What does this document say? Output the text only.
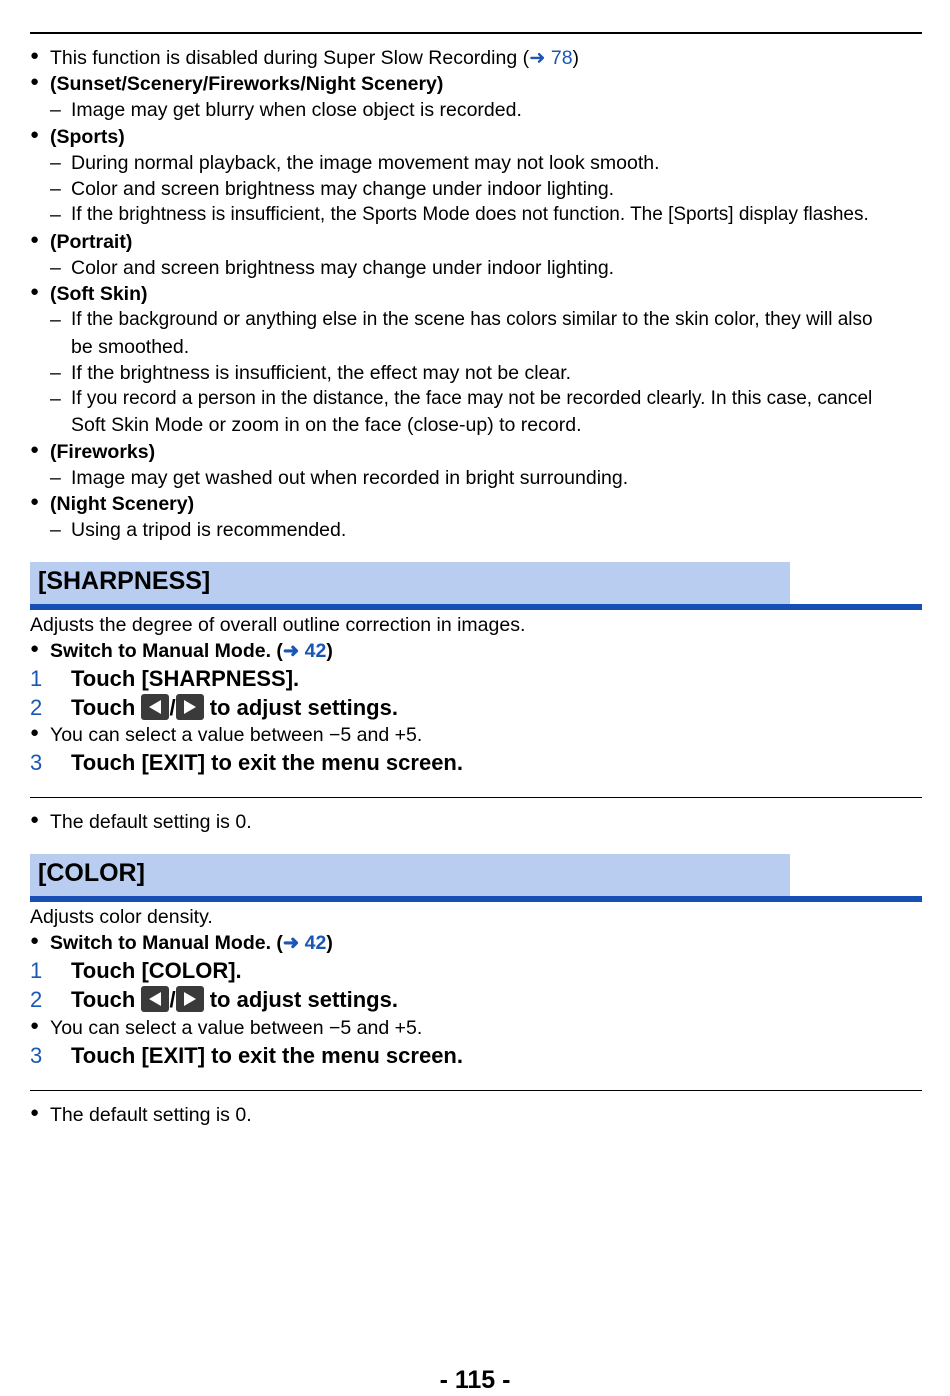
● This function is disabled during Super Slow Recording (➜ 78)
● (Sunset/Scenery/Fireworks/Night Scenery)
– Image may get blurry when close object is recorded.
● (Sports)
– During normal playback, the image movement may not look smooth.
– Color and screen brightness may change under indoor lighting.
– If the brightness is insufficient, the Sports Mode does not function. The [Sports] display flashes.
● (Portrait)
– Color and screen brightness may change under indoor lighting.
● (Soft Skin)
– If the background or anything else in the scene has colors similar to the skin color, they will also
be smoothed.
– If the brightness is insufficient, the effect may not be clear.
– If you record a person in the distance, the face may not be recorded clearly. In this case, cancel
Soft Skin Mode or zoom in on the face (close-up) to record.
● (Fireworks)
– Image may get washed out when recorded in bright surrounding.
● (Night Scenery)
– Using a tripod is recommended.
[SHARPNESS]
Adjusts the degree of overall outline correction in images.
● Switch to Manual Mode. (➜ 42)
1 Touch [SHARPNESS].
2 Touch
/
to adjust settings.
● You can select a value between −5 and +5.
3 Touch [EXIT] to exit the menu screen.
● The default setting is 0.
[COLOR]
Adjusts color density.
● Switch to Manual Mode. (➜ 42)
1 Touch [COLOR].
2 Touch
/
to adjust settings.
● You can select a value between −5 and +5.
3 Touch [EXIT] to exit the menu screen.
● The default setting is 0.
- 115 -
